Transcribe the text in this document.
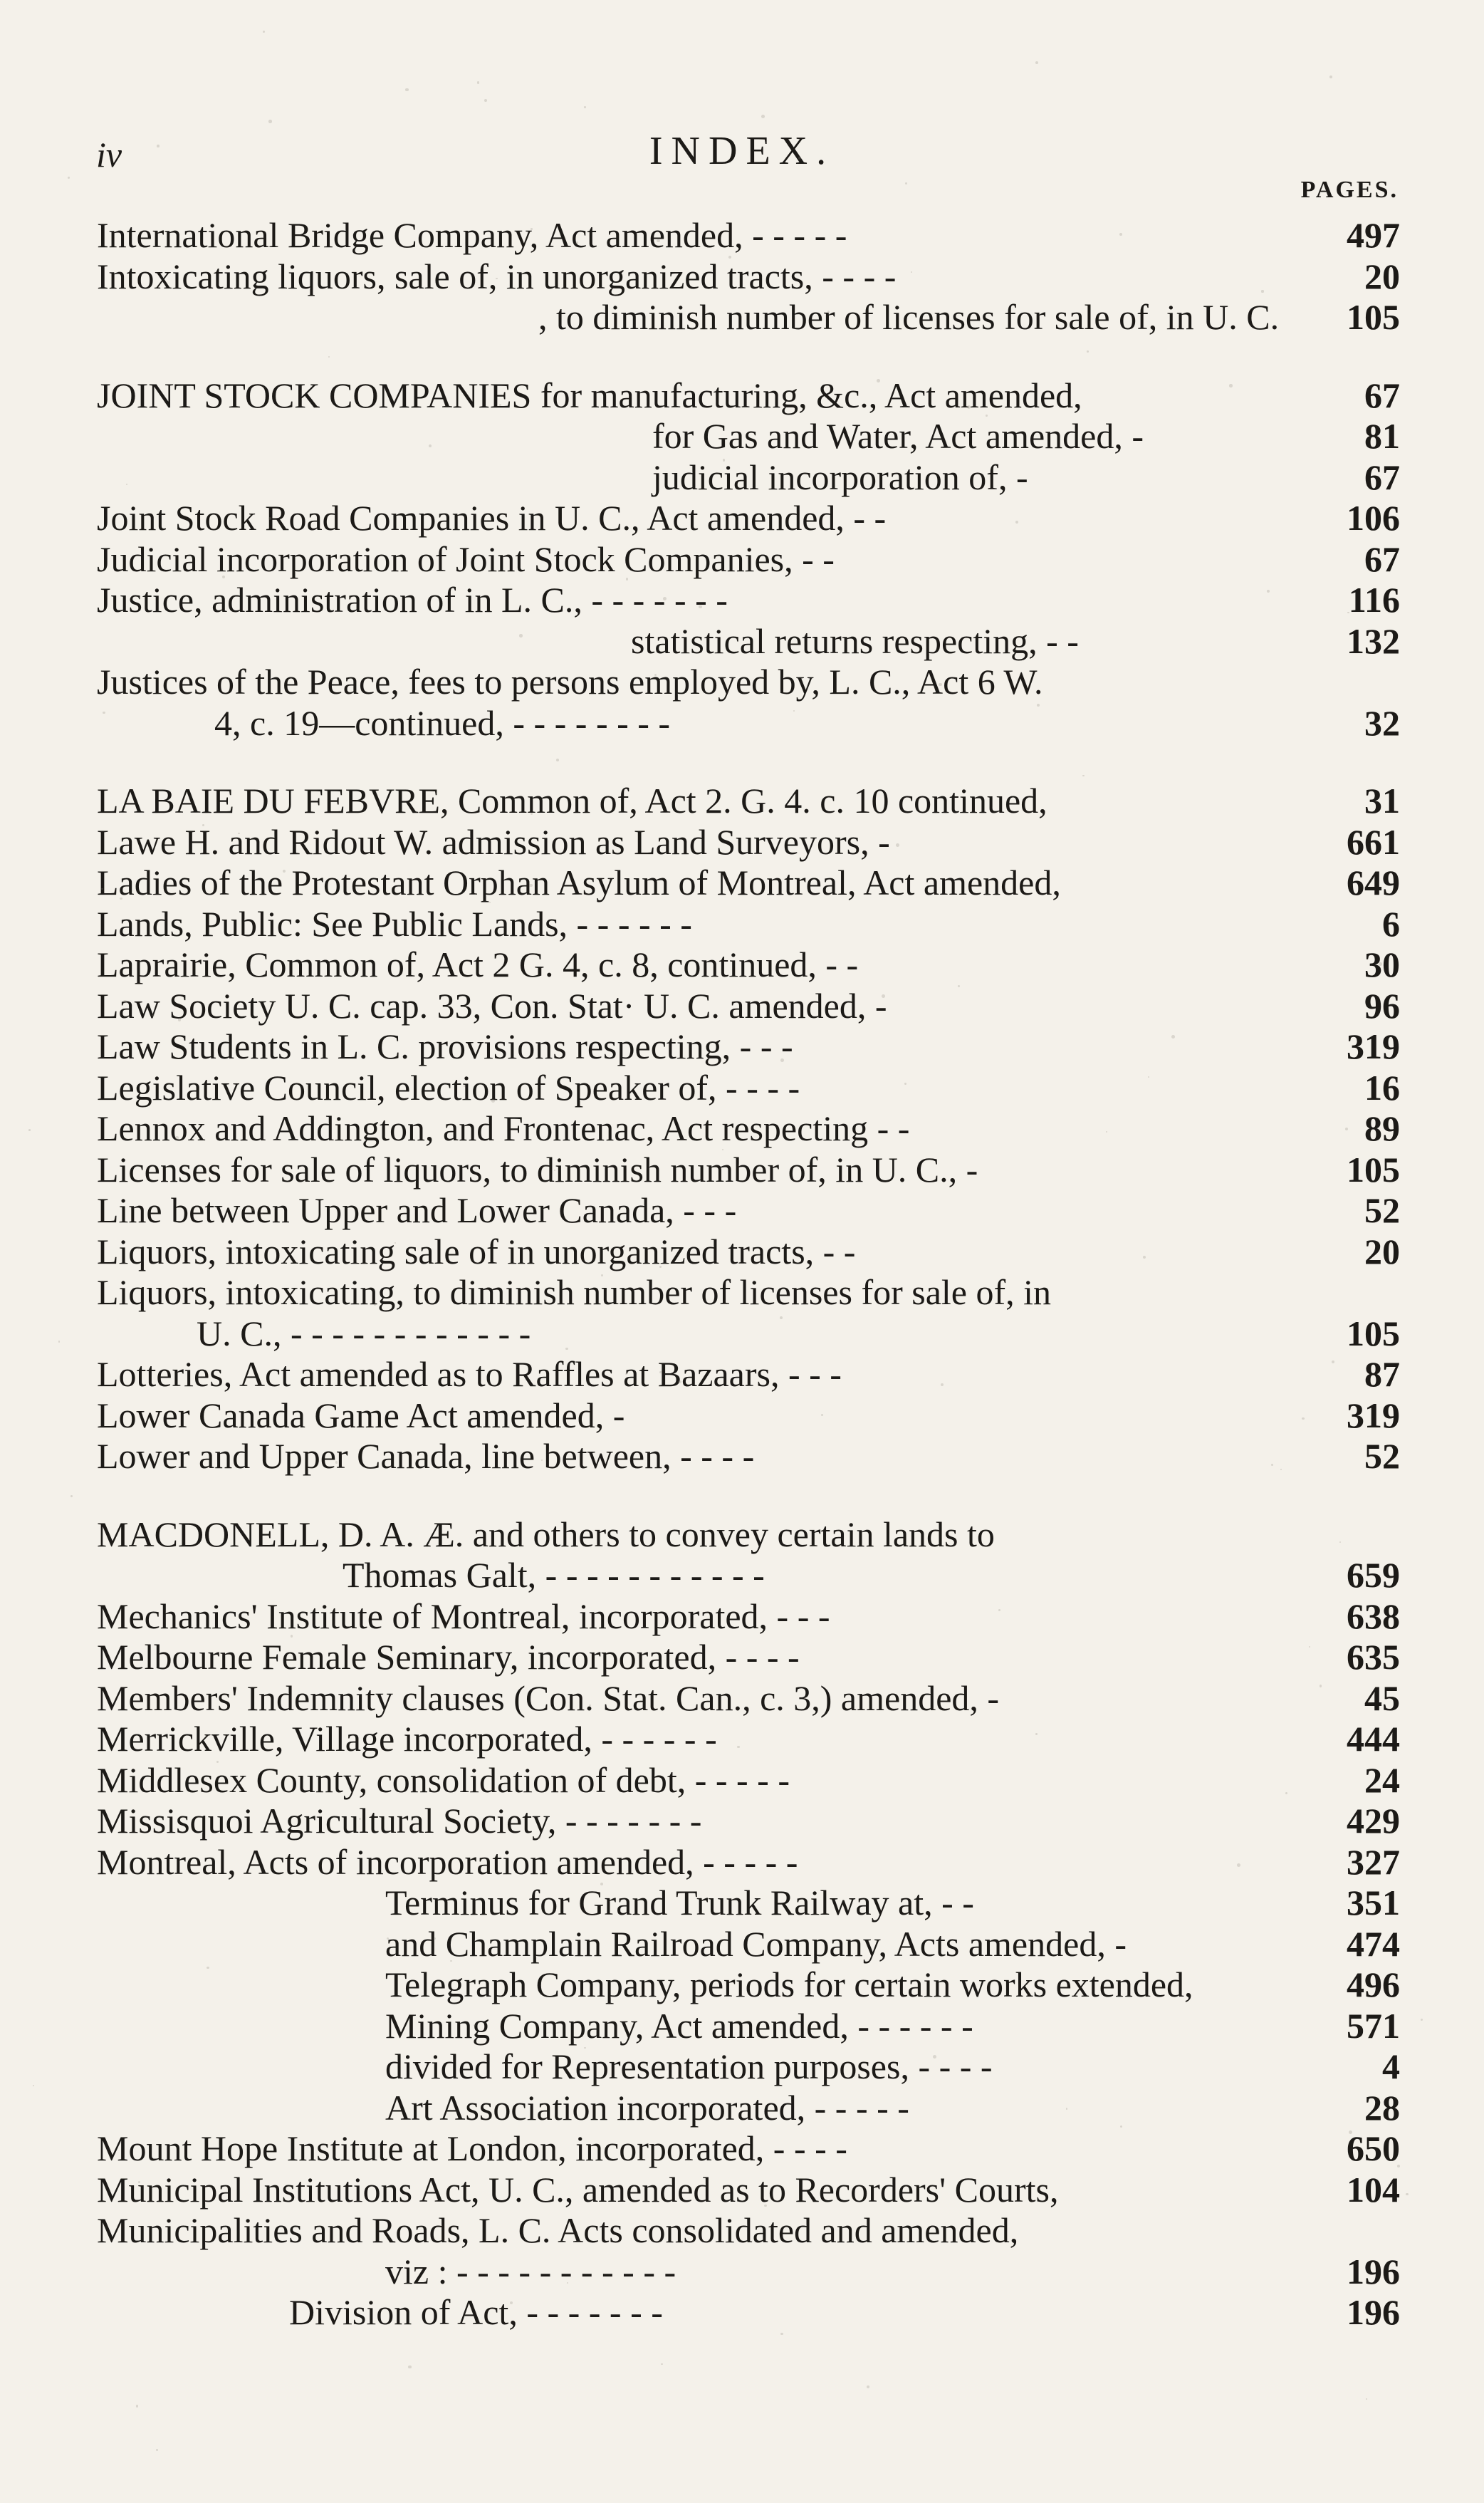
iv	INDEX.
PAGES.
International Bridge Company, Act amended, - - - - -	497
Intoxicating liquors, sale of, in unorganized tracts, - - - -	20
, to diminish number of licenses for sale of, in U. C.	105
JOINT STOCK COMPANIES for manufacturing, &c., Act amended,	67
for Gas and Water, Act amended, -	81
judicial incorporation of, -	67
Joint Stock Road Companies in U. C., Act amended, - -	106
Judicial incorporation of Joint Stock Companies, - -	67
Justice, administration of in L. C., - - - - - - -	116
statistical returns respecting, - -	132
Justices of the Peace, fees to persons employed by, L. C., Act 6 W.
4, c. 19—continued, - - - - - - - -	32
LA BAIE DU FEBVRE, Common of, Act 2. G. 4. c. 10 continued,	31
Lawe H. and Ridout W. admission as Land Surveyors, -	661
Ladies of the Protestant Orphan Asylum of Montreal, Act amended,	649
Lands, Public: See Public Lands, - - - - - -	6
Laprairie, Common of, Act 2 G. 4, c. 8, continued, - -	30
Law Society U. C. cap. 33, Con. Stat· U. C. amended, -	96
Law Students in L. C. provisions respecting, - - -	319
Legislative Council, election of Speaker of, - - - -	16
Lennox and Addington, and Frontenac, Act respecting - -	89
Licenses for sale of liquors, to diminish number of, in U. C., -	105
Line between Upper and Lower Canada, - - -	52
Liquors, intoxicating sale of in unorganized tracts, - -	20
Liquors, intoxicating, to diminish number of licenses for sale of, in
U. C., - - - - - - - - - - - -	105
Lotteries, Act amended as to Raffles at Bazaars, - - -	87
Lower Canada Game Act amended, -	319
Lower and Upper Canada, line between, - - - -	52
MACDONELL, D. A. Æ. and others to convey certain lands to
Thomas Galt, - - - - - - - - - - -	659
Mechanics' Institute of Montreal, incorporated, - - -	638
Melbourne Female Seminary, incorporated, - - - -	635
Members' Indemnity clauses (Con. Stat. Can., c. 3,) amended, -	45
Merrickville, Village incorporated, - - - - - -	444
Middlesex County, consolidation of debt, - - - - -	24
Missisquoi Agricultural Society, - - - - - - -	429
Montreal, Acts of incorporation amended, - - - - -	327
Terminus for Grand Trunk Railway at, - -	351
and Champlain Railroad Company, Acts amended, -	474
Telegraph Company, periods for certain works extended,	496
Mining Company, Act amended, - - - - - -	571
divided for Representation purposes, - - - -	4
Art Association incorporated, - - - - -	28
Mount Hope Institute at London, incorporated, - - - -	650
Municipal Institutions Act, U. C., amended as to Recorders' Courts,	104
Municipalities and Roads, L. C. Acts consolidated and amended,
viz : - - - - - - - - - - -	196
Division of Act, - - - - - - -	196
